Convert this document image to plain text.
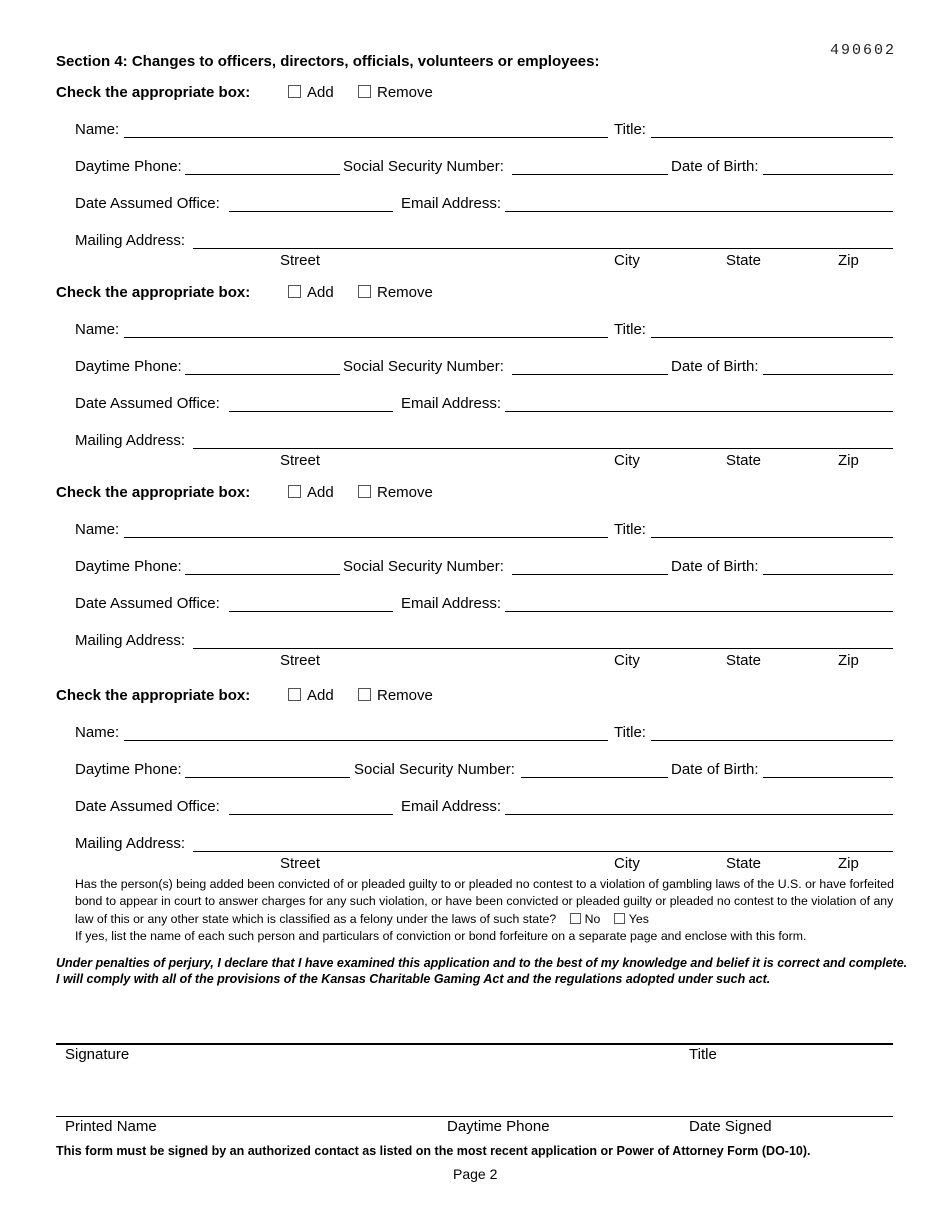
490602
Section 4: Changes to officers, directors, officials, volunteers or employees:
Check the appropriate box:	Add	Remove
Name:	Title:
Daytime Phone:	Social Security Number:	Date of Birth:
Date Assumed Office:	Email Address:
Mailing Address:
Street	City	State	Zip
Check the appropriate box:	Add	Remove
Name:	Title:
Daytime Phone:	Social Security Number:	Date of Birth:
Date Assumed Office:	Email Address:
Mailing Address:
Street	City	State	Zip
Check the appropriate box:	Add	Remove
Name:	Title:
Daytime Phone:	Social Security Number:	Date of Birth:
Date Assumed Office:	Email Address:
Mailing Address:
Street	City	State	Zip
Check the appropriate box:	Add	Remove
Name:	Title:
Daytime Phone:	Social Security Number:	Date of Birth:
Date Assumed Office:	Email Address:
Mailing Address:
Street	City	State	Zip
Has the person(s) being added been convicted of or pleaded guilty to or pleaded no contest to a violation of gambling laws of the U.S. or have forfeited
bond to appear in court to answer charges for any such violation, or have been convicted or pleaded guilty or pleaded no contest to the violation of any
law of this or any other state which is classified as a felony under the laws of such state? No Yes
If yes, list the name of each such person and particulars of conviction or bond forfeiture on a separate page and enclose with this form.
Under penalties of perjury, I declare that I have examined this application and to the best of my knowledge and belief it is correct and complete.
I will comply with all of the provisions of the Kansas Charitable Gaming Act and the regulations adopted under such act.
Signature	Title
Printed Name	Daytime Phone	Date Signed
This form must be signed by an authorized contact as listed on the most recent application or Power of Attorney Form (DO-10).
Page 2
